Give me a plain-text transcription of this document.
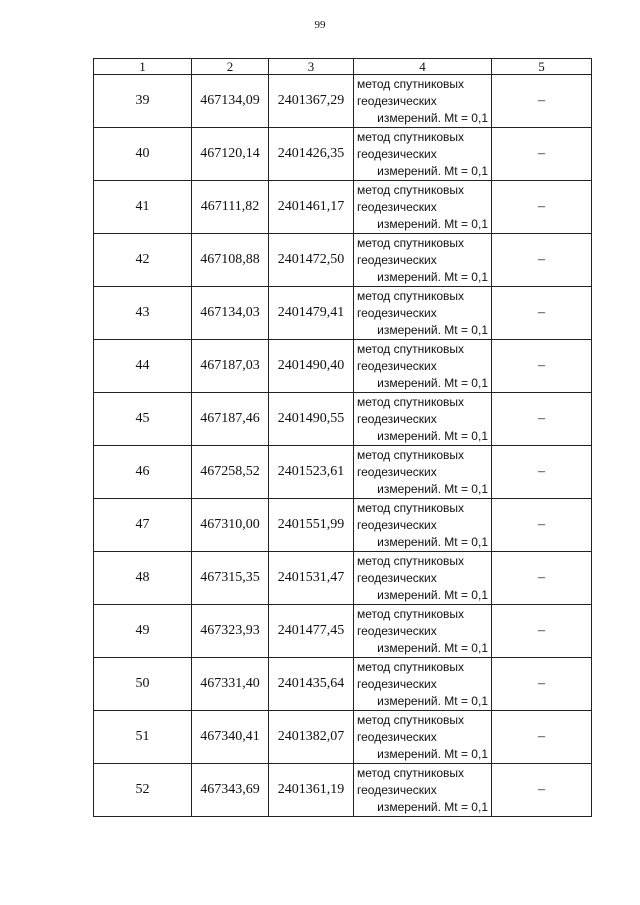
99
1	2	3	4	5
39	467134,09	2401367,29	метод спутниковых
геодезических
измерений. Mt = 0,1	–
40	467120,14	2401426,35	метод спутниковых
геодезических
измерений. Mt = 0,1	–
41	467111,82	2401461,17	метод спутниковых
геодезических
измерений. Mt = 0,1	–
42	467108,88	2401472,50	метод спутниковых
геодезических
измерений. Mt = 0,1	–
43	467134,03	2401479,41	метод спутниковых
геодезических
измерений. Mt = 0,1	–
44	467187,03	2401490,40	метод спутниковых
геодезических
измерений. Mt = 0,1	–
45	467187,46	2401490,55	метод спутниковых
геодезических
измерений. Mt = 0,1	–
46	467258,52	2401523,61	метод спутниковых
геодезических
измерений. Mt = 0,1	–
47	467310,00	2401551,99	метод спутниковых
геодезических
измерений. Mt = 0,1	–
48	467315,35	2401531,47	метод спутниковых
геодезических
измерений. Mt = 0,1	–
49	467323,93	2401477,45	метод спутниковых
геодезических
измерений. Mt = 0,1	–
50	467331,40	2401435,64	метод спутниковых
геодезических
измерений. Mt = 0,1	–
51	467340,41	2401382,07	метод спутниковых
геодезических
измерений. Mt = 0,1	–
52	467343,69	2401361,19	метод спутниковых
геодезических
измерений. Mt = 0,1	–
